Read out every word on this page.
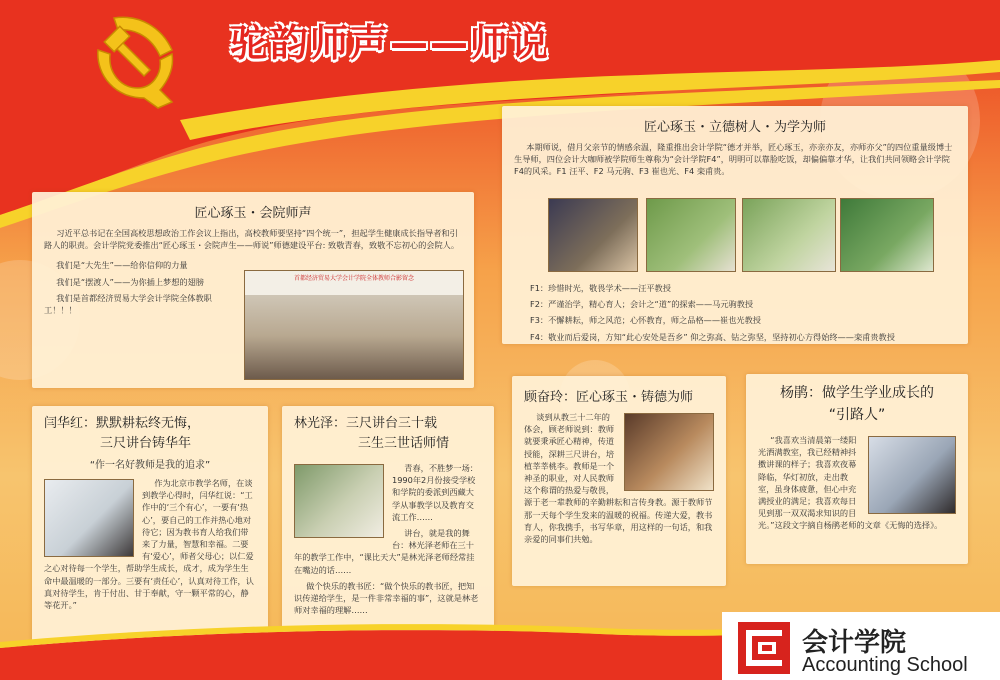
驼韵师声——师说
匠心琢玉・会院师声

习近平总书记在全国高校思想政治工作会议上指出，高校教师要坚持“四个统一”，担起学生健康成长指导者和引路人的职责。会计学院党委推出“匠心琢玉・会院声生——师说”师德建设平台: 致敬青春，致敬不忘初心的会院人。

我们是“大先生”——给你信仰的力量

我们是“摆渡人”——为你插上梦想的翅膀

我们是首都经济贸易大学会计学院全体教职工！！！

首都经济贸易大学会计学院全体教师合影留念
匠心琢玉・立德树人・为学为师

本期师说，借月父亲节的情感余温，隆重推出会计学院“德才并举，匠心琢玉，亦亲亦友，亦师亦父”的四位重量级博士生导师，四位会计大咖师被学院师生尊称为“会计学院F4”，明明可以靠脸吃饭，却偏偏靠才华，让我们共同领略会计学院F4的风采。F1 汪平、F2 马元驹、F3 崔也光、F4 栾甫贵。

F1：珍惜时光，敬畏学术——汪平教授

F2：严谨治学，精心育人；会计之“道”的探索——马元驹教授

F3：不懈耕耘，师之风范；心怀教育，师之品格——崔也光教授

F4：敬业而后爱岗，方知“此心安处是吾乡” 仰之弥高、钻之弥坚，坚持初心方得始终——栾甫贵教授

闫华红：默默耕耘终无悔，
三尺讲台铸华年
“作一名好教师是我的追求”

作为北京市教学名师，在谈到教学心得时，闫华红说：“工作中的‘三个有心’，一要有‘热心’，要自己的工作并热心地对待它；因为教书育人给我们带来了力量，智慧和幸福。二要有‘爱心’，师者父母心；以仁爱之心对待每一个学生，帮助学生成长，成才，成为学生生命中最温暖的一部分。三要有‘责任心’，认真对待工作，认真对待学生，肯于付出、甘于奉献，守一颗平常的心，静等花开。”

林光泽：三尺讲台三十载
三生三世话师情

青春，不胜梦一场：1990年2月份接受学校和学院的委派到西藏大学从事教学以及教育交流工作……

讲台，就是我的舞台：林光泽老师在三十年的教学工作中，“课比天大”是林光泽老师经常挂在嘴边的话……

做个快乐的教书匠：“做个快乐的教书匠，把知识传递给学生，是一件非常幸福的事”，这就是林老师对幸福的理解……

顾奋玲：匠心琢玉・铸德为师

谈到从教三十二年的体会，顾老师说到：教师就要秉承匠心精神，传道授能，深耕三尺讲台，培植莘莘桃李。教师是一个神圣的职业，对人民教师这个称谓的热爱与敬畏，源于老一辈教师的辛勤耕耘和言传身教。源于教师节那一天每个学生发来的温暖的祝福。传递大爱，教书育人，你我携手，书写华章，用这样的一句话，和我亲爱的同事们共勉。

杨鹃：做学生学业成长的
“引路人”

“我喜欢当清晨第一缕阳光洒满教室，我已经精神抖擞讲课的样子；我喜欢夜幕降临，华灯初放，走出教室，虽身体疲惫，但心中充满授业的满足；我喜欢每日见到那一双双渴求知识的目光。”这段文字摘自杨鹃老师的文章《无悔的选择》。

会计学院
Accounting School
